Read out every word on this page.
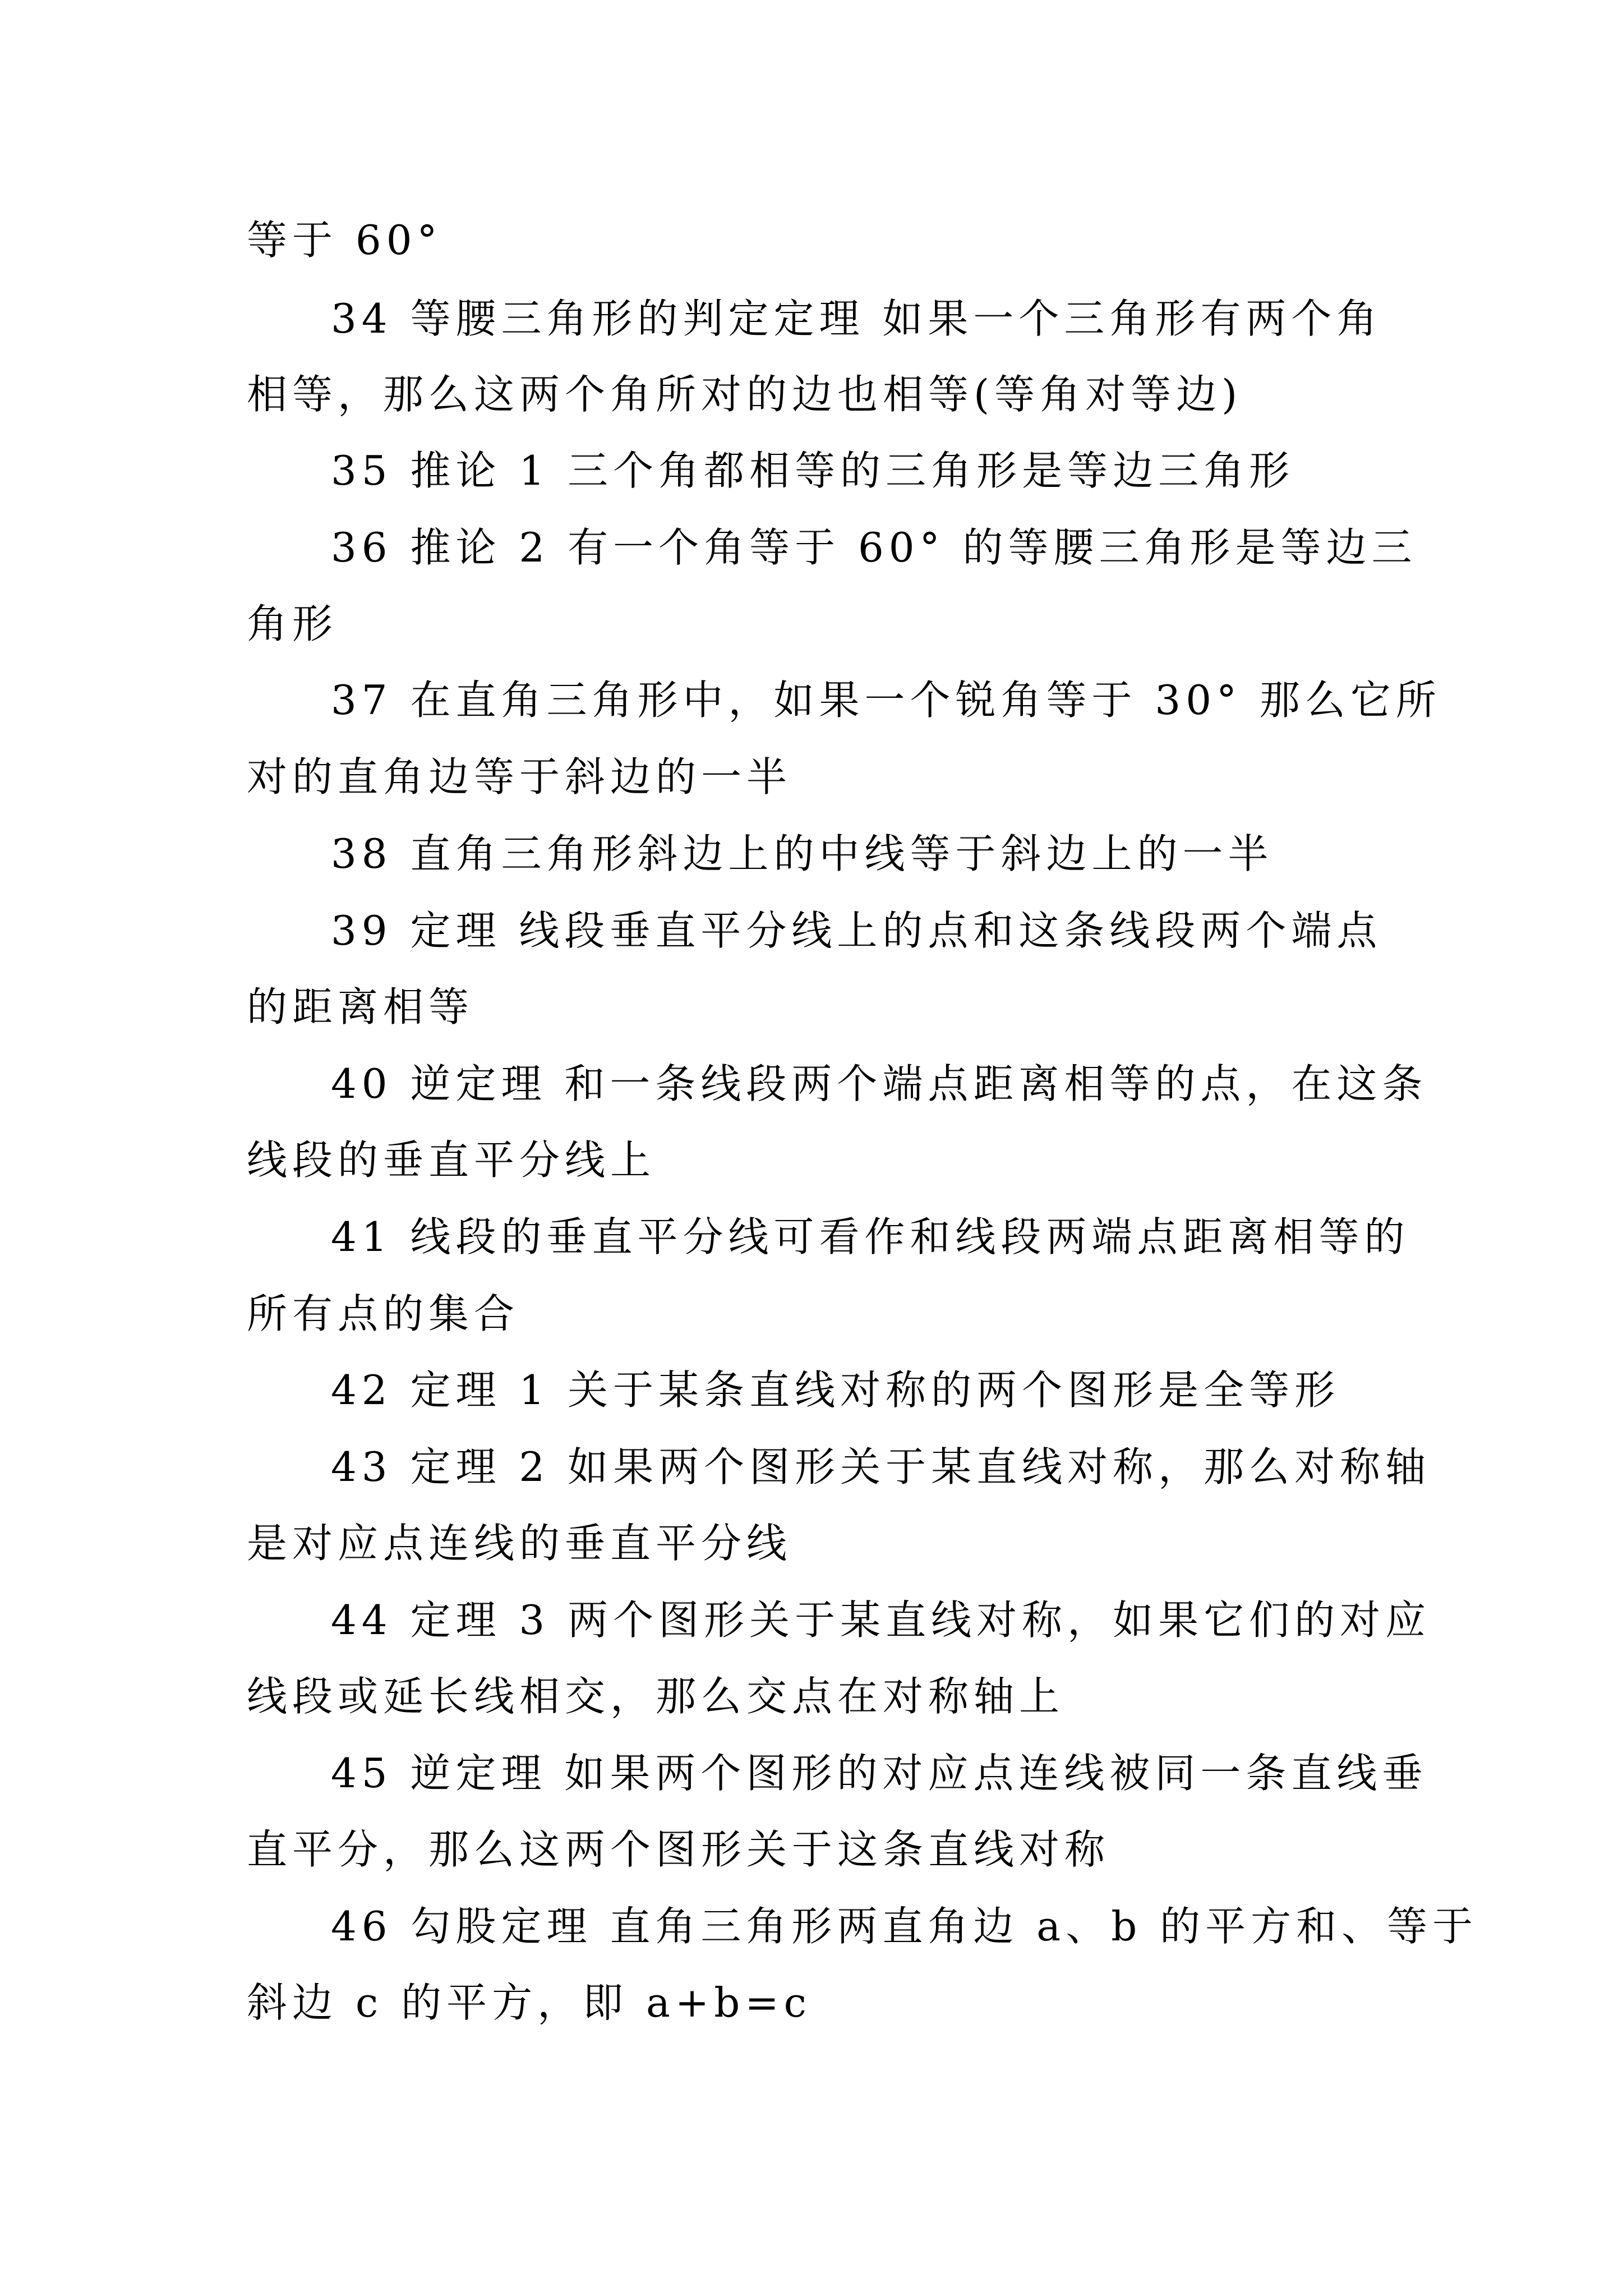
等于 60°
34 等腰三角形的判定定理 如果一个三角形有两个角
相等，那么这两个角所对的边也相等(等角对等边)
35 推论 1 三个角都相等的三角形是等边三角形
36 推论 2 有一个角等于 60° 的等腰三角形是等边三
角形
37 在直角三角形中，如果一个锐角等于 30° 那么它所
对的直角边等于斜边的一半
38 直角三角形斜边上的中线等于斜边上的一半
39 定理 线段垂直平分线上的点和这条线段两个端点
的距离相等
40 逆定理 和一条线段两个端点距离相等的点，在这条
线段的垂直平分线上
41 线段的垂直平分线可看作和线段两端点距离相等的
所有点的集合
42 定理 1 关于某条直线对称的两个图形是全等形
43 定理 2 如果两个图形关于某直线对称，那么对称轴
是对应点连线的垂直平分线
44 定理 3 两个图形关于某直线对称，如果它们的对应
线段或延长线相交，那么交点在对称轴上
45 逆定理 如果两个图形的对应点连线被同一条直线垂
直平分，那么这两个图形关于这条直线对称
46 勾股定理 直角三角形两直角边 a、b 的平方和、等于
斜边 c 的平方，即 a+b=c
